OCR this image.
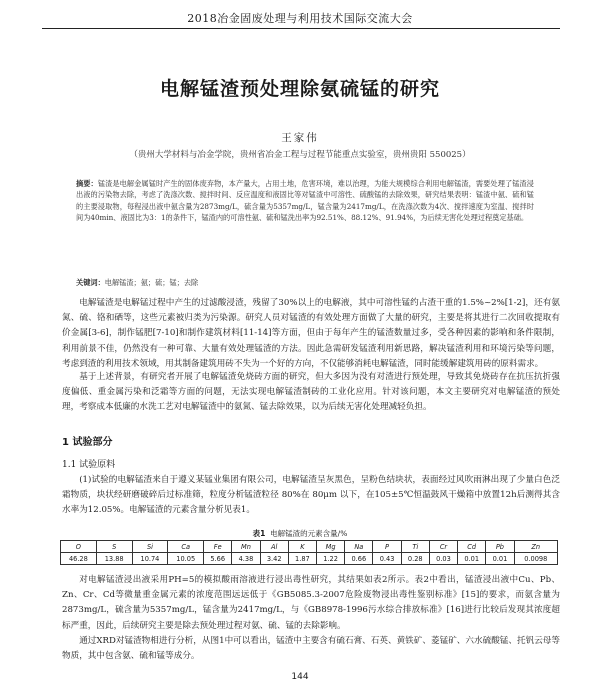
2018冶金固废处理与利用技术国际交流大会
电解锰渣预处理除氨硫锰的研究
王家伟
（贵州大学材料与冶金学院，贵州省冶金工程与过程节能重点实验室，贵州贵阳 550025）
摘要：锰渣是电解金属锰时产生的固体废弃物，本产量大，占用土地，危害环境，难以治理，为能大规模综合利用电解锰渣，需要处理了锰渣浸出液的污染物去除，考虑了洗涤次数、搅拌时间、反应温度和液固比等对锰渣中可溶性、硫酸锰的去除效果，研究结果表明：锰渣中氨、硫和锰的主要浸取物，每程浸出液中氨含量为2873mg/L，硫含量为5357mg/L，锰含量为2417mg/L，在洗涤次数为4次、搅拌速度为室温、搅拌时间为40min、液固比为3：1的条件下，锰渣内的可溶性氨、硫和锰洗出率为92.51%、88.12%、91.94%，为后续无害化处理过程奠定基础。
关键词：电解锰渣；氨；硫；锰；去除
电解锰渣是电解锰过程中产生的过滤酸浸渣，残留了30%以上的电解液，其中可溶性锰约占渣干重的1.5%~2%[1-2]，还有氨氮、硫、铬和硒等，这些元素被归类为污染源。研究人员对锰渣的有效处理方面做了大量的研究，主要是将其进行二次回收提取有价金属[3-6]，制作锰肥[7-10]和制作建筑材料[11-14]等方面，但由于每年产生的锰渣数量过多，受各种因素的影响和条件限制，利用前景不佳，仍然没有一种可靠、大量有效处理锰渣的方法。因此急需研发锰渣利用新思路，解决锰渣利用和环境污染等问题，考虑到渣的利用技术领域，用其制备建筑用砖不失为一个好的方向，不仅能够消耗电解锰渣，同时能缓解建筑用砖的原料需求。
基于上述背景，有研究者开展了电解锰渣免烧砖方面的研究，但大多因为没有对渣进行预处理，导致其免烧砖存在抗压抗折强度偏低、重金属污染和泛霜等方面的问题，无法实现电解锰渣制砖的工业化应用。针对该问题，本文主要研究对电解锰渣的预处理，考察成本低廉的水洗工艺对电解锰渣中的氨氮、锰去除效果，以为后续无害化处理减轻负担。
1 试验部分
1.1 试验原料
(1)试验的电解锰渣来自于遵义某锰业集团有限公司，电解锰渣呈灰黑色，呈粉色结块状，表面经过风吹雨淋出现了少量白色泛霜物质，块状经研磨破碎后过标准筛，粒度分析锰渣粒径 80%在 80μm 以下，在105±5℃恒温鼓风干燥箱中放置12h后测得其含水率为12.05%。电解锰渣的元素含量分析见表1。
表1 电解锰渣的元素含量/%
O	S	Si	Ca	Fe	Mn	Al	K	Mg	Na	P	Ti	Cr	Cd	Pb	Zn
46.28	13.88	10.74	10.05	5.66	4.38	3.42	1.87	1.22	0.66	0.43	0.28	0.03	0.01	0.01	0.0098
对电解锰渣浸出液采用PH=5的模拟酸雨溶液进行浸出毒性研究，其结果如表2所示。表2中看出，锰渣浸出液中Cu、Pb、Zn、Cr、Cd等微量重金属元素的浓度范围远远低于《GB5085.3-2007危险废物浸出毒性鉴别标准》[15]的要求，而氨含量为2873mg/L，硫含量为5357mg/L，锰含量为2417mg/L，与《GB8978-1996污水综合排放标准》[16]进行比较后发现其浓度超标严重，因此，后续研究主要是除去预处理过程对氨、硫、锰的去除影响。
通过XRD对锰渣物相进行分析，从图1中可以看出，锰渣中主要含有硫石膏、石英、黄铁矿、菱锰矿、六水硫酸锰、托钒云母等物质，其中包含氨、硫和锰等成分。
144
